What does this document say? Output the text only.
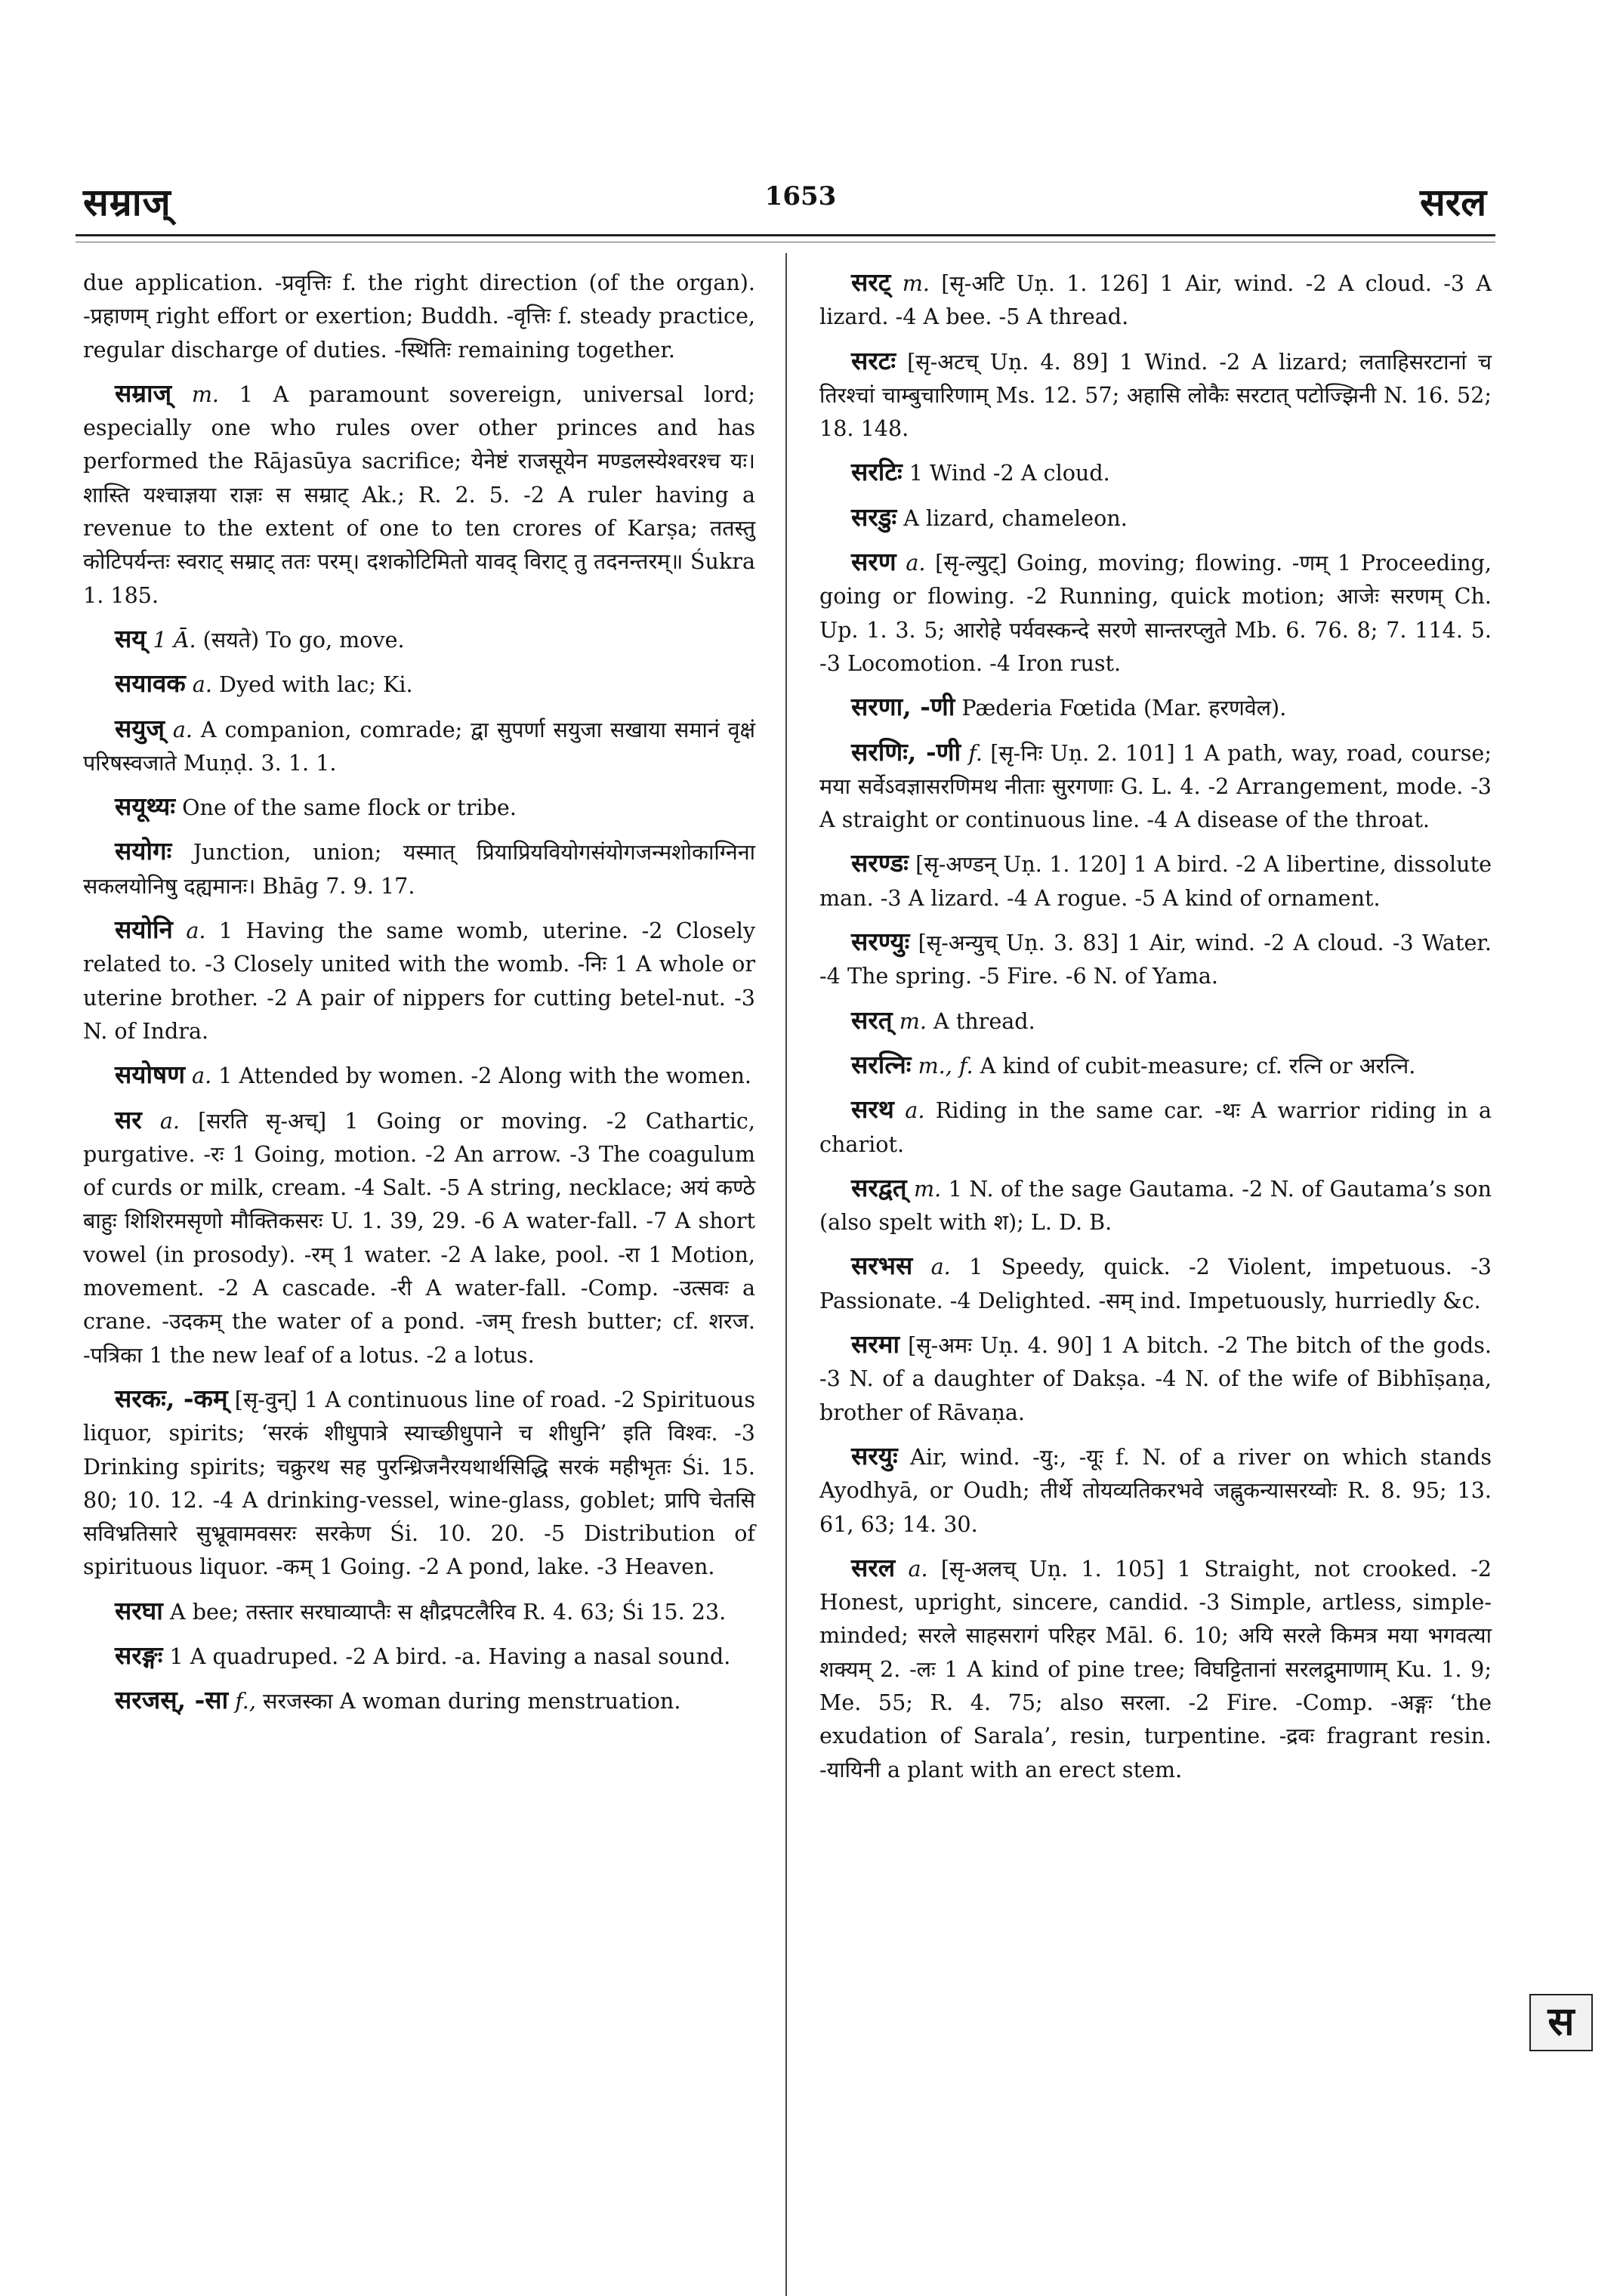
सम्राज्	1653	सरल

due application. -प्रवृत्तिः f. the right direction (of the organ). -प्रहाणम् right effort or exertion; Buddh. -वृत्तिः f. steady practice, regular discharge of duties. -स्थितिः remaining together.

सम्राज् m. 1 A paramount sovereign, universal lord; especially one who rules over other princes and has performed the Rājasūya sacrifice; येनेष्टं राजसूयेन मण्डलस्येश्वरश्च यः। शास्ति यश्चाज्ञया राज्ञः स सम्राट् Ak.; R. 2. 5. -2 A ruler having a revenue to the extent of one to ten crores of Karṣa; ततस्तु कोटिपर्यन्तः स्वराट् सम्राट् ततः परम्। दशकोटिमितो यावद् विराट् तु तदनन्तरम्॥ Śukra 1. 185.

सय् 1 Ā. (सयते) To go, move.

सयावक a. Dyed with lac; Ki.

सयुज् a. A companion, comrade; द्वा सुपर्णा सयुजा सखाया समानं वृक्षं परिषस्वजाते Muṇḍ. 3. 1. 1.

सयूथ्यः One of the same flock or tribe.

सयोगः Junction, union; यस्मात् प्रियाप्रियवियोगसंयोगजन्मशोकाग्निना सकलयोनिषु दह्यमानः। Bhāg 7. 9. 17.

सयोनि a. 1 Having the same womb, uterine. -2 Closely related to. -3 Closely united with the womb. -निः 1 A whole or uterine brother. -2 A pair of nippers for cutting betel-nut. -3 N. of Indra.

सयोषण a. 1 Attended by women. -2 Along with the women.

सर a. [सरति सृ-अच्] 1 Going or moving. -2 Cathartic, purgative. -रः 1 Going, motion. -2 An arrow. -3 The coagulum of curds or milk, cream. -4 Salt. -5 A string, necklace; अयं कण्ठे बाहुः शिशिरमसृणो मौक्तिकसरः U. 1. 39, 29. -6 A water-fall. -7 A short vowel (in prosody). -रम् 1 water. -2 A lake, pool. -रा 1 Motion, movement. -2 A cascade. -री A water-fall. -Comp. -उत्सवः a crane. -उदकम् the water of a pond. -जम् fresh butter; cf. शरज. -पत्रिका 1 the new leaf of a lotus. -2 a lotus.

सरकः, -कम् [सृ-वुन्] 1 A continuous line of road. -2 Spirituous liquor, spirits; ‘सरकं शीधुपात्रे स्याच्छीधुपाने च शीधुनि’ इति विश्वः. -3 Drinking spirits; चक्रुरथ सह पुरन्ध्रिजनैरयथार्थसिद्धि सरकं महीभृतः Śi. 15. 80; 10. 12. -4 A drinking-vessel, wine-glass, goblet; प्रापि चेतसि सविभ्रतिसारे सुभ्रूवामवसरः सरकेण Śi. 10. 20. -5 Distribution of spirituous liquor. -कम् 1 Going. -2 A pond, lake. -3 Heaven.

सरघा A bee; तस्तार सरघाव्याप्तैः स क्षौद्रपटलैरिव R. 4. 63; Śi 15. 23.

सरङ्गः 1 A quadruped. -2 A bird. -a. Having a nasal sound.

सरजस्, -सा f., सरजस्का A woman during menstruation.

सरट् m. [सृ-अटि Uṇ. 1. 126] 1 Air, wind. -2 A cloud. -3 A lizard. -4 A bee. -5 A thread.

सरटः [सृ-अटच् Uṇ. 4. 89] 1 Wind. -2 A lizard; लताहिसरटानां च तिरश्चां चाम्बुचारिणाम् Ms. 12. 57; अहासि लोकैः सरटात् पटोज्झिनी N. 16. 52; 18. 148.

सरटिः 1 Wind -2 A cloud.

सरडुः A lizard, chameleon.

सरण a. [सृ-ल्युट्] Going, moving; flowing. -णम् 1 Proceeding, going or flowing. -2 Running, quick motion; आजेः सरणम् Ch. Up. 1. 3. 5; आरोहे पर्यवस्कन्दे सरणे सान्तरप्लुते Mb. 6. 76. 8; 7. 114. 5. -3 Locomotion. -4 Iron rust.

सरणा, -णी Pæderia Fœtida (Mar. हरणवेल).

सरणिः, -णी f. [सृ-निः Uṇ. 2. 101] 1 A path, way, road, course; मया सर्वेऽवज्ञासरणिमथ नीताः सुरगणाः G. L. 4. -2 Arrangement, mode. -3 A straight or continuous line. -4 A disease of the throat.

सरण्डः [सृ-अण्डन् Uṇ. 1. 120] 1 A bird. -2 A libertine, dissolute man. -3 A lizard. -4 A rogue. -5 A kind of ornament.

सरण्युः [सृ-अन्युच् Uṇ. 3. 83] 1 Air, wind. -2 A cloud. -3 Water. -4 The spring. -5 Fire. -6 N. of Yama.

सरत् m. A thread.

सरत्निः m., f. A kind of cubit-measure; cf. रत्नि or अरत्नि.

सरथ a. Riding in the same car. -थः A warrior riding in a chariot.

सरद्वत् m. 1 N. of the sage Gautama. -2 N. of Gautama’s son (also spelt with श); L. D. B.

सरभस a. 1 Speedy, quick. -2 Violent, impetuous. -3 Passionate. -4 Delighted. -सम् ind. Impetuously, hurriedly &c.

सरमा [सृ-अमः Uṇ. 4. 90] 1 A bitch. -2 The bitch of the gods. -3 N. of a daughter of Dakṣa. -4 N. of the wife of Bibhīṣaṇa, brother of Rāvaṇa.

सरयुः Air, wind. -यु:, -यूः f. N. of a river on which stands Ayodhyā, or Oudh; तीर्थे तोयव्यतिकरभवे जह्नुकन्यासरय्वोः R. 8. 95; 13. 61, 63; 14. 30.

सरल a. [सृ-अलच् Uṇ. 1. 105] 1 Straight, not crooked. -2 Honest, upright, sincere, candid. -3 Simple, artless, simple-minded; सरले साहसरागं परिहर Māl. 6. 10; अयि सरले किमत्र मया भगवत्या शक्यम् 2. -लः 1 A kind of pine tree; विघट्टितानां सरलद्रुमाणाम् Ku. 1. 9; Me. 55; R. 4. 75; also सरला. -2 Fire. -Comp. -अङ्गः ‘the exudation of Sarala’, resin, turpentine. -द्रवः fragrant resin. -यायिनी a plant with an erect stem.

स
